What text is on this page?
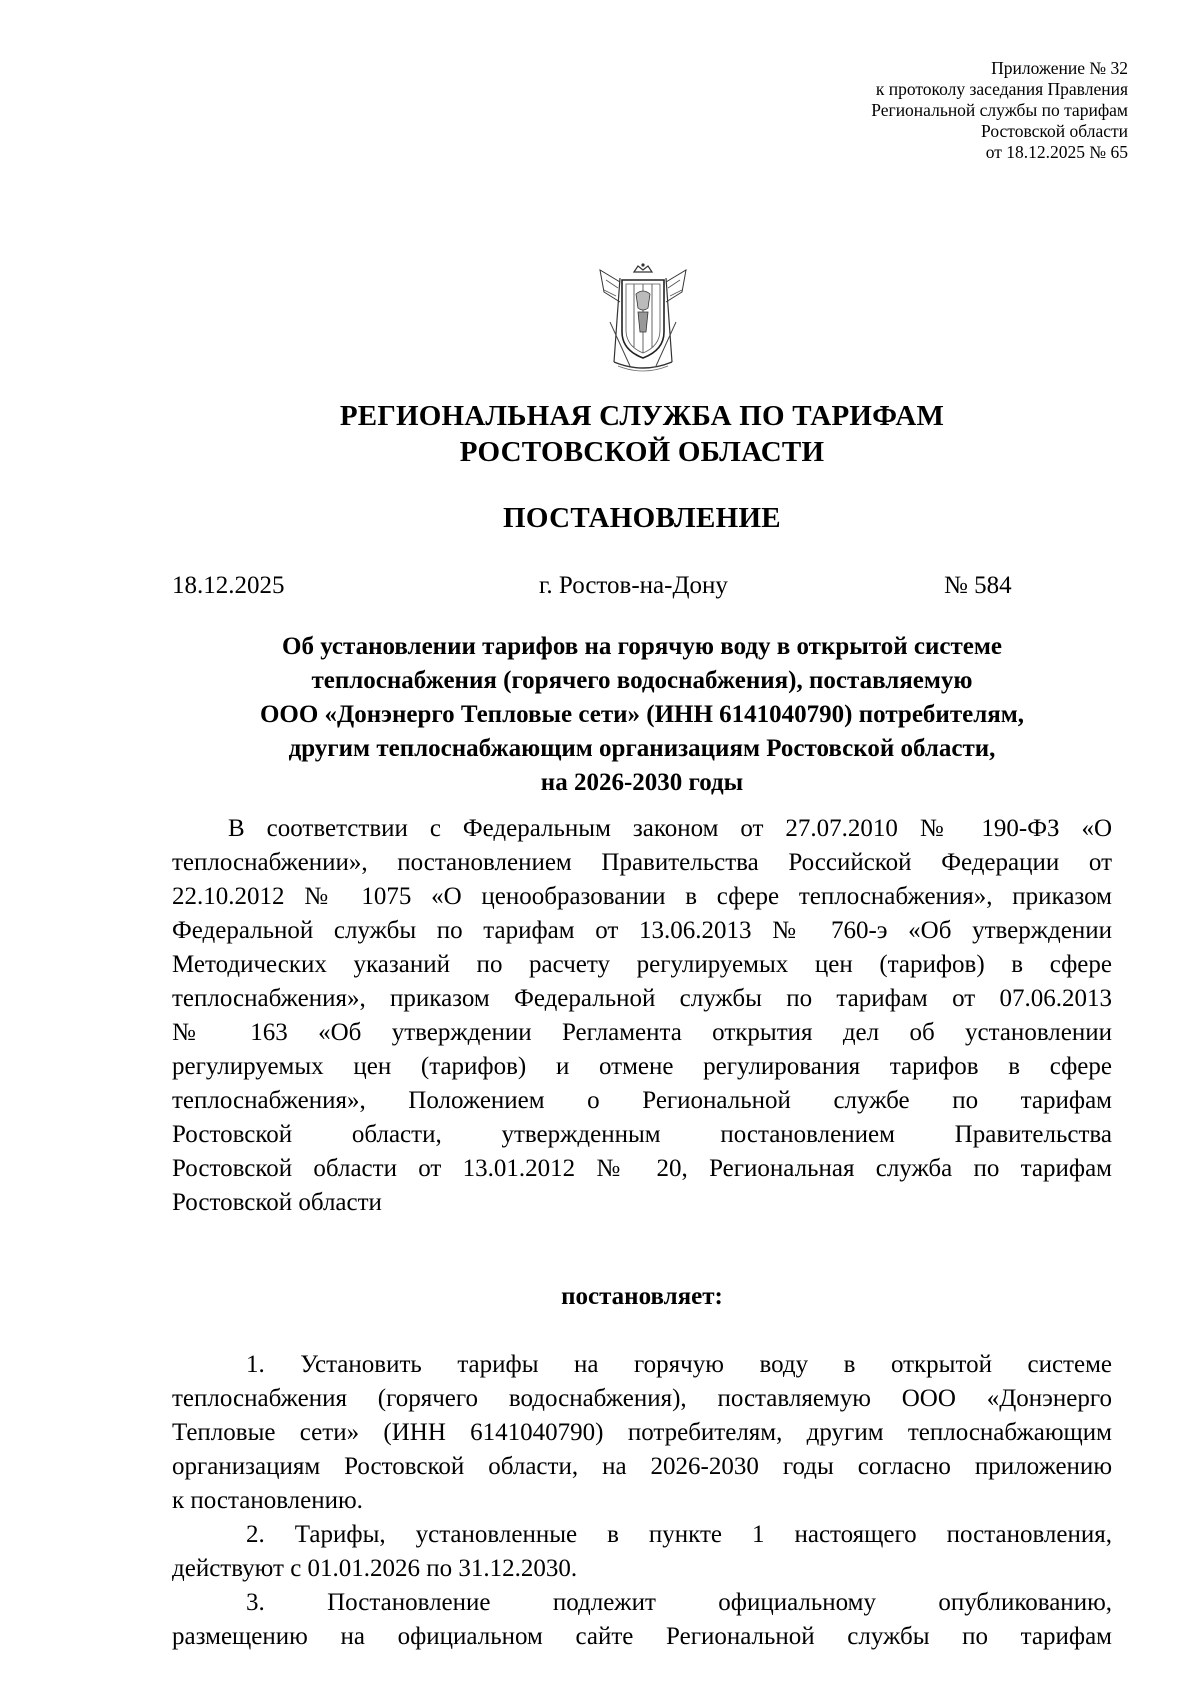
Приложение № 32
к протоколу заседания Правления
Региональной службы по тарифам
Ростовской области
от 18.12.2025 № 65
РЕГИОНАЛЬНАЯ СЛУЖБА ПО ТАРИФАМ
РОСТОВСКОЙ ОБЛАСТИ
ПОСТАНОВЛЕНИЕ
18.12.2025	г. Ростов-на-Дону	№ 584
Об установлении тарифов на горячую воду в открытой системе
теплоснабжения (горячего водоснабжения), поставляемую
ООО «Донэнерго Тепловые сети» (ИНН 6141040790) потребителям,
другим теплоснабжающим организациям Ростовской области,
на 2026-2030 годы
В соответствии с Федеральным законом от 27.07.2010 № 190-ФЗ «О
теплоснабжении», постановлением Правительства Российской Федерации от
22.10.2012 № 1075 «О ценообразовании в сфере теплоснабжения», приказом
Федеральной службы по тарифам от 13.06.2013 № 760-э «Об утверждении
Методических указаний по расчету регулируемых цен (тарифов) в сфере
теплоснабжения», приказом Федеральной службы по тарифам от 07.06.2013
№ 163 «Об утверждении Регламента открытия дел об установлении
регулируемых цен (тарифов) и отмене регулирования тарифов в сфере
теплоснабжения», Положением о Региональной службе по тарифам
Ростовской области, утвержденным постановлением Правительства
Ростовской области от 13.01.2012 № 20, Региональная служба по тарифам
Ростовской области
постановляет:
1. Установить тарифы на горячую воду в открытой системе
теплоснабжения (горячего водоснабжения), поставляемую ООО «Донэнерго
Тепловые сети» (ИНН 6141040790) потребителям, другим теплоснабжающим
организациям Ростовской области, на 2026-2030 годы согласно приложению
к постановлению.
2. Тарифы, установленные в пункте 1 настоящего постановления,
действуют с 01.01.2026 по 31.12.2030.
3. Постановление подлежит официальному опубликованию,
размещению на официальном сайте Региональной службы по тарифам
